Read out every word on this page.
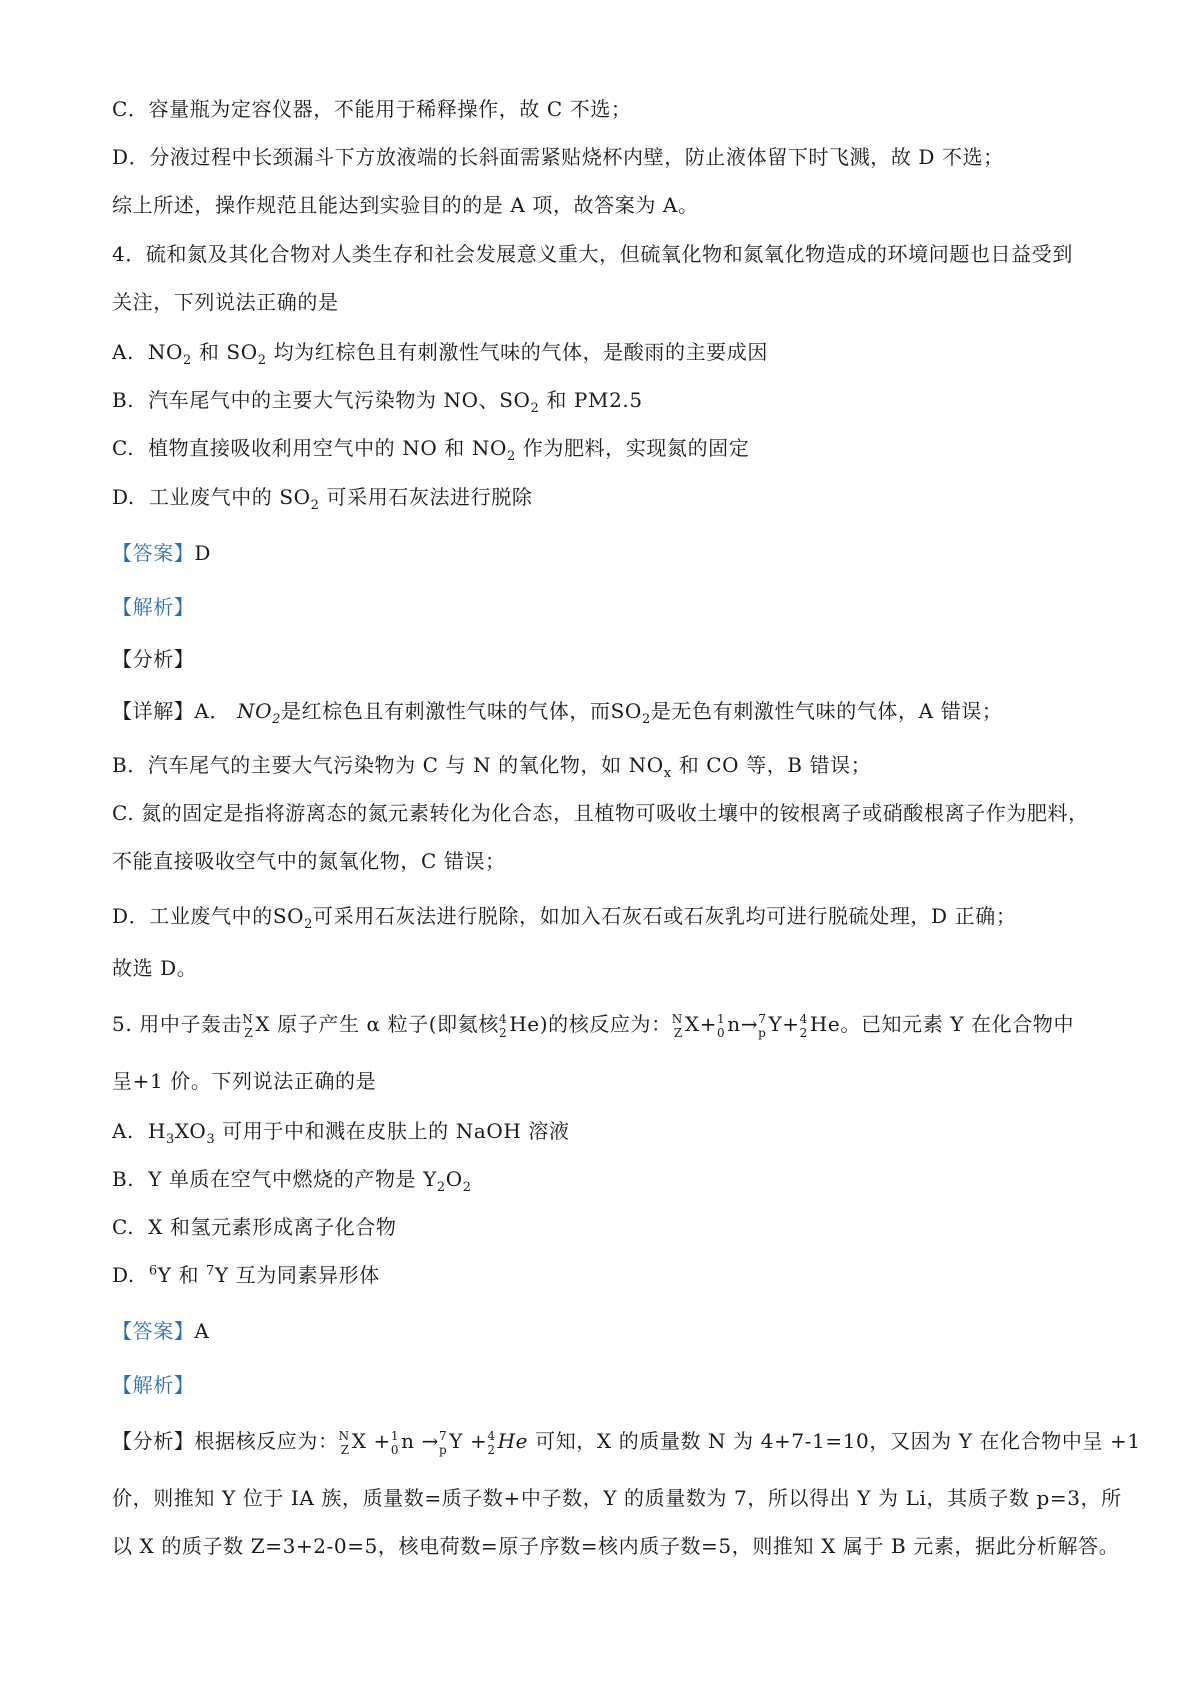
C．容量瓶为定容仪器，不能用于稀释操作，故 C 不选；
D．分液过程中长颈漏斗下方放液端的长斜面需紧贴烧杯内壁，防止液体留下时飞溅，故 D 不选；
综上所述，操作规范且能达到实验目的的是 A 项，故答案为 A。
4．硫和氮及其化合物对人类生存和社会发展意义重大，但硫氧化物和氮氧化物造成的环境问题也日益受到
关注，下列说法正确的是
A. $NO_2$ 和 $SO_2$ 均为红棕色且有刺激性气味的气体，是酸雨的主要成因
B. 汽车尾气中的主要大气污染物为 NO、$SO_2$ 和 PM2.5
C. 植物直接吸收利用空气中的 NO 和 $NO_2$ 作为肥料，实现氮的固定
D. 工业废气中的 $SO_2$ 可采用石灰法进行脱除
【答案】D
【解析】
【分析】
【详解】A． $NO_2$是红棕色且有刺激性气味的气体，而$SO_2$是无色有刺激性气味的气体，A 错误；
B．汽车尾气的主要大气污染物为 C 与 N 的氧化物，如 $NO_x$ 和 CO 等，B 错误；
C. 氮的固定是指将游离态的氮元素转化为化合态，且植物可吸收土壤中的铵根离子或硝酸根离子作为肥料，
不能直接吸收空气中的氮氧化物，C 错误；
D．工业废气中的$SO_2$可采用石灰法进行脱除，如加入石灰石或石灰乳均可进行脱硫处理，D 正确；
故选 D。
5. 用中子轰击 N
Z X 原子产生 α 粒子(即氦核 4
2 He)的核反应为： N
Z X+ 1
0 n→ 7
p Y+ 4
2 He。已知元素 Y 在化合物中
呈+1 价。下列说法正确的是
A. $H_3XO_3$ 可用于中和溅在皮肤上的 NaOH 溶液
B. Y 单质在空气中燃烧的产物是 $Y_2O_2$
C. X 和氢元素形成离子化合物
D. $^6$Y 和 $^7$Y 互为同素异形体
【答案】A
【解析】
【分析】根据核反应为： N
Z X + 1
0 n → 7
p Y + 4
2 He 可知，X 的质量数 N 为 4+7-1=10，又因为 Y 在化合物中呈 +1
价，则推知 Y 位于 IA 族，质量数=质子数+中子数，Y 的质量数为 7，所以得出 Y 为 Li，其质子数 p=3，所
以 X 的质子数 Z=3+2-0=5，核电荷数=原子序数=核内质子数=5，则推知 X 属于 B 元素，据此分析解答。
